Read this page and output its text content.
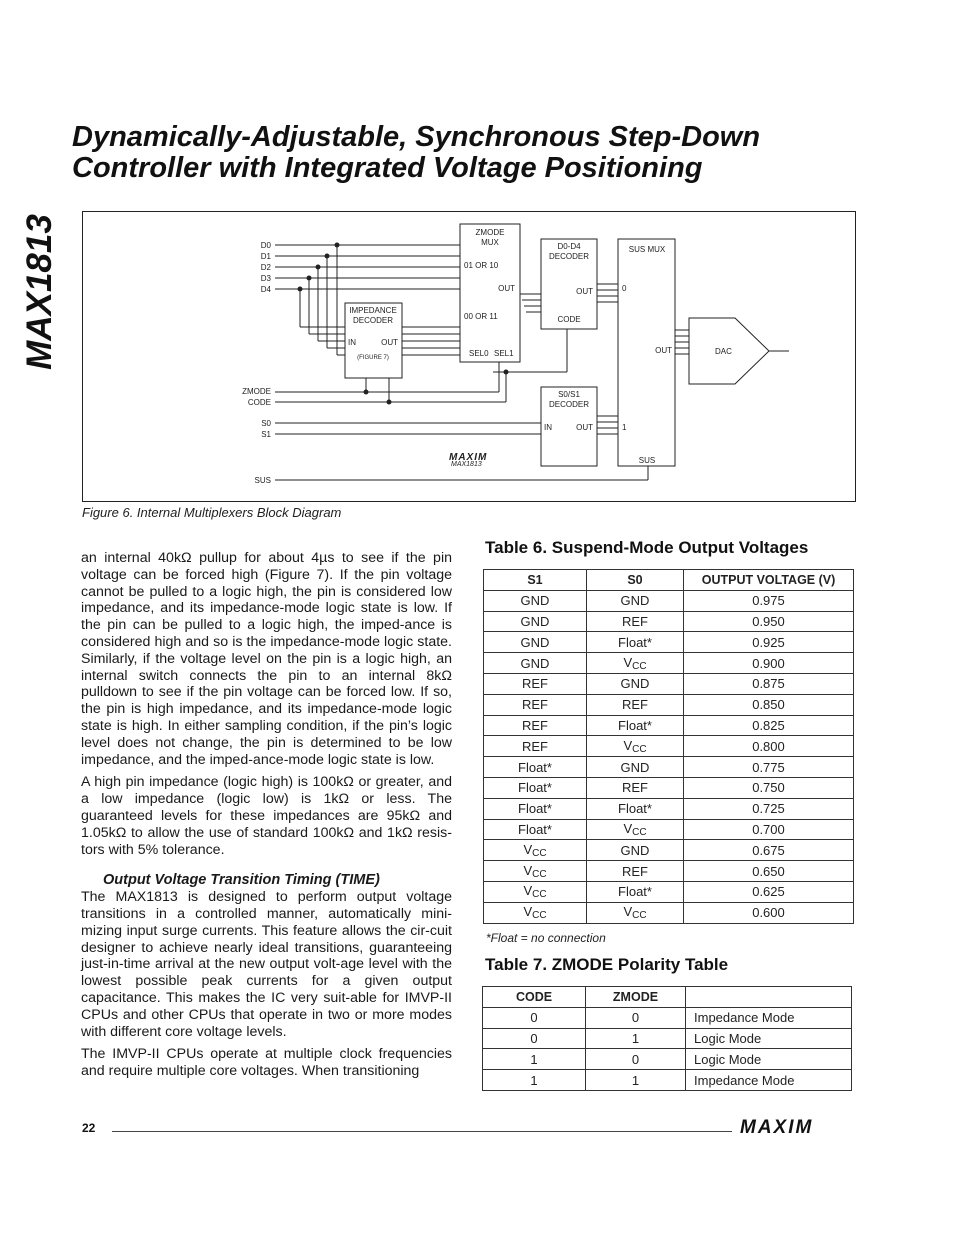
MAX1813
Dynamically-Adjustable, Synchronous Step-Down
Controller with Integrated Voltage Positioning
D0
D1
D2
D3
D4
ZMODE
CODE
S0
S1
SUS
IMPEDANCE
DECODER
IN	OUT
(FIGURE 7)
ZMODE
MUX
01 OR 10
00 OR 11
OUT
SEL0 SEL1
D0-D4
DECODER
OUT
CODE
S0/S1
DECODER
IN	OUT
SUS MUX
0
1
OUT
SUS
DAC
MAXIM
MAX1813
Figure 6. Internal Multiplexers Block Diagram

an internal 40kΩ pullup for about 4µs to see if the pin voltage can be forced high (Figure 7). If the pin voltage cannot be pulled to a logic high, the pin is considered low impedance, and its impedance-mode logic state is low. If the pin can be pulled to a logic high, the imped-ance is considered high and so is the impedance-mode logic state. Similarly, if the voltage level on the pin is a logic high, an internal switch connects the pin to an internal 8kΩ pulldown to see if the pin voltage can be forced low. If so, the pin is high impedance, and its impedance-mode logic state is high. In either sampling condition, if the pin’s logic level does not change, the pin is determined to be low impedance, and the imped-ance-mode logic state is low.

A high pin impedance (logic high) is 100kΩ or greater, and a low impedance (logic low) is 1kΩ or less. The guaranteed levels for these impedances are 95kΩ and 1.05kΩ to allow the use of standard 100kΩ and 1kΩ resis-tors with 5% tolerance.

Output Voltage Transition Timing (TIME)

The MAX1813 is designed to perform output voltage transitions in a controlled manner, automatically mini-mizing input surge currents. This feature allows the cir-cuit designer to achieve nearly ideal transitions, guaranteeing just-in-time arrival at the new output volt-age level with the lowest possible peak currents for a given output capacitance. This makes the IC very suit-able for IMVP-II CPUs and other CPUs that operate in two or more modes with different core voltage levels.

The IMVP-II CPUs operate at multiple clock frequencies and require multiple core voltages. When transitioning

Table 6. Suspend-Mode Output Voltages
S1	S0	OUTPUT VOLTAGE (V)
GND	GND	0.975
GND	REF	0.950
GND	Float*	0.925
GND	$V_{CC}$	0.900
REF	GND	0.875
REF	REF	0.850
REF	Float*	0.825
REF	$V_{CC}$	0.800
Float*	GND	0.775
Float*	REF	0.750
Float*	Float*	0.725
Float*	$V_{CC}$	0.700
$V_{CC}$	GND	0.675
$V_{CC}$	REF	0.650
$V_{CC}$	Float*	0.625
$V_{CC}$	$V_{CC}$	0.600
*Float = no connection
Table 7. ZMODE Polarity Table
CODE	ZMODE	
0	0	Impedance Mode
0	1	Logic Mode
1	0	Logic Mode
1	1	Impedance Mode
22	MAXIM
